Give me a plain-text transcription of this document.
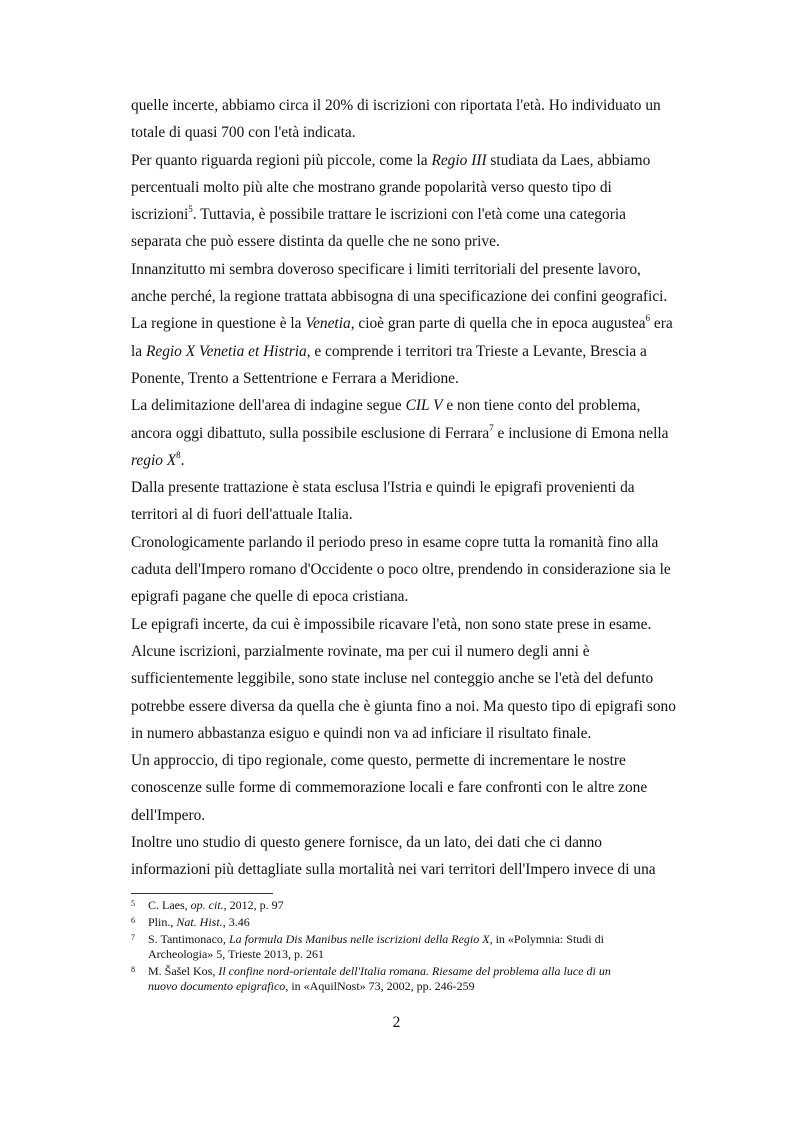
quelle incerte, abbiamo circa il 20% di iscrizioni con riportata l'età. Ho individuato un
totale di quasi 700 con l'età indicata.
Per quanto riguarda regioni più piccole, come la Regio III studiata da Laes, abbiamo
percentuali molto più alte che mostrano grande popolarità verso questo tipo di
iscrizioni$^5$. Tuttavia, è possibile trattare le iscrizioni con l'età come una categoria
separata che può essere distinta da quelle che ne sono prive.
Innanzitutto mi sembra doveroso specificare i limiti territoriali del presente lavoro,
anche perché, la regione trattata abbisogna di una specificazione dei confini geografici.
La regione in questione è la Venetia, cioè gran parte di quella che in epoca augustea$^6$ era
la Regio X Venetia et Histria, e comprende i territori tra Trieste a Levante, Brescia a
Ponente, Trento a Settentrione e Ferrara a Meridione.
La delimitazione dell'area di indagine segue CIL V e non tiene conto del problema,
ancora oggi dibattuto, sulla possibile esclusione di Ferrara$^7$ e inclusione di Emona nella
regio X$^8$.
Dalla presente trattazione è stata esclusa l'Istria e quindi le epigrafi provenienti da
territori al di fuori dell'attuale Italia.
Cronologicamente parlando il periodo preso in esame copre tutta la romanità fino alla
caduta dell'Impero romano d'Occidente o poco oltre, prendendo in considerazione sia le
epigrafi pagane che quelle di epoca cristiana.
Le epigrafi incerte, da cui è impossibile ricavare l'età, non sono state prese in esame.
Alcune iscrizioni, parzialmente rovinate, ma per cui il numero degli anni è
sufficientemente leggibile, sono state incluse nel conteggio anche se l'età del defunto
potrebbe essere diversa da quella che è giunta fino a noi. Ma questo tipo di epigrafi sono
in numero abbastanza esiguo e quindi non va ad inficiare il risultato finale.
Un approccio, di tipo regionale, come questo, permette di incrementare le nostre
conoscenze sulle forme di commemorazione locali e fare confronti con le altre zone
dell'Impero.
Inoltre uno studio di questo genere fornisce, da un lato, dei dati che ci danno
informazioni più dettagliate sulla mortalità nei vari territori dell'Impero invece di una
5	C. Laes, op. cit., 2012, p. 97
6	Plin., Nat. Hist., 3.46
7	S. Tantimonaco, La formula Dis Manibus nelle iscrizioni della Regio X, in «Polymnia: Studi di
Archeologia» 5, Trieste 2013, p. 261
8	M. Šašel Kos, Il confine nord-orientale dell'Italia romana. Riesame del problema alla luce di un
nuovo documento epigrafico, in «AquilNost» 73, 2002, pp. 246-259
2
